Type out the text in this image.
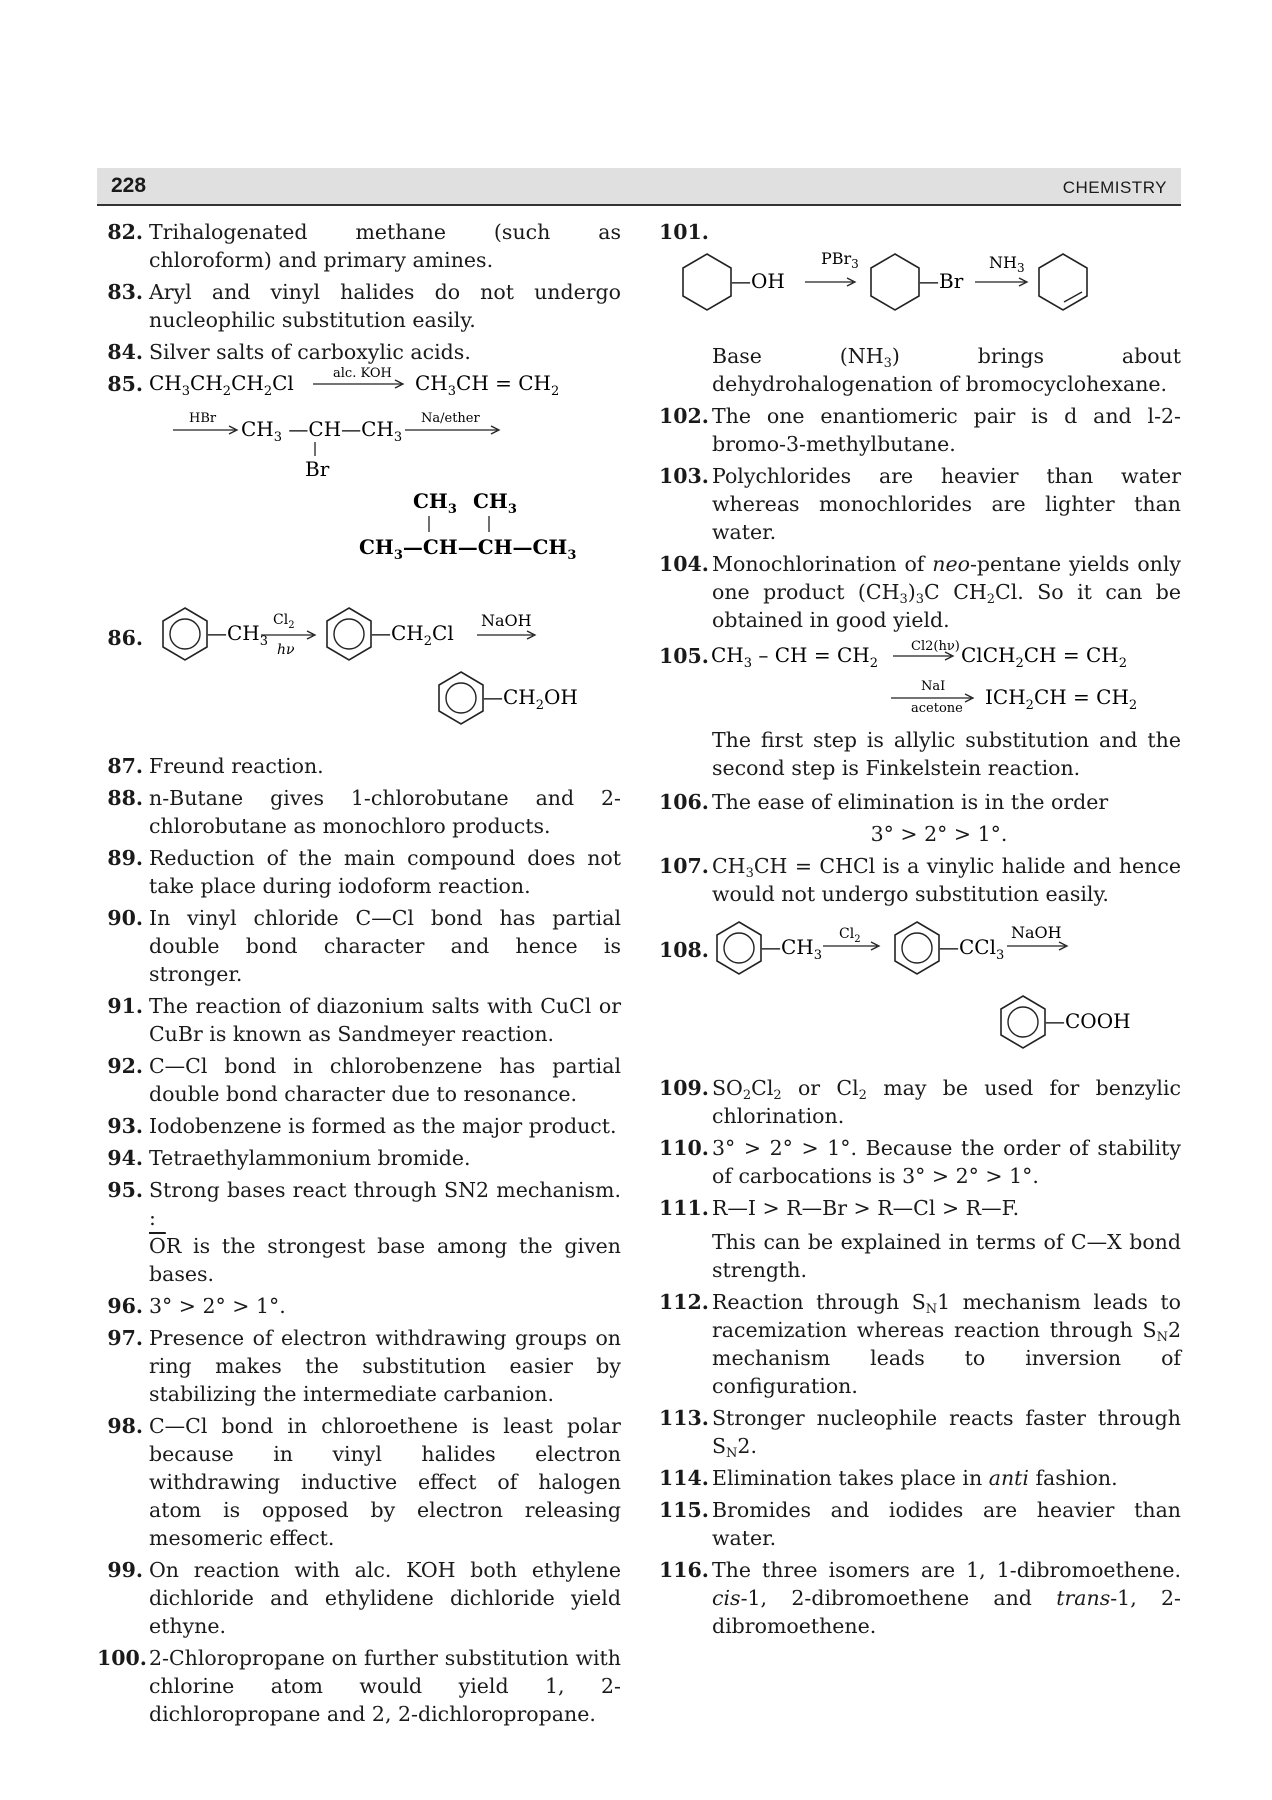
228	CHEMISTRY
82. Trihalogenated methane (such as chloroform) and primary amines.
83. Aryl and vinyl halides do not undergo nucleophilic substitution easily.
84. Silver salts of carboxylic acids.
85. $CH_3CH_2CH_2Cl$	alc. KOH $CH_3CH = CH_2$
HBr $CH_3$ $—CH—CH_3$
Br
Na/ether
$CH_3$ $CH_3$
$CH_3—CH—CH—CH_3$
86.	$—CH_3$
$Cl_2$
hν
$—CH_2Cl$
NaOH
$—CH_2OH$
87. Freund reaction.
88. n-Butane gives 1-chlorobutane and 2-chlorobutane as monochloro products.
89. Reduction of the main compound does not take place during iodoform reaction.
90. In vinyl chloride C—Cl bond has partial double bond character and hence is stronger.
91. The reaction of diazonium salts with CuCl or CuBr is known as Sandmeyer reaction.
92. C—Cl bond in chlorobenzene has partial double bond character due to resonance.
93. Iodobenzene is formed as the major product.
94. Tetraethylammonium bromide.
95. Strong bases react through SN2 mechanism. :
$\overline{O}R$ is the strongest base among the given bases.
96. 3° > 2° > 1°.
97. Presence of electron withdrawing groups on ring makes the substitution easier by stabilizing the intermediate carbanion.
98. C—Cl bond in chloroethene is least polar because in vinyl halides electron withdrawing inductive effect of halogen atom is opposed by electron releasing mesomeric effect.
99. On reaction with alc. KOH both ethylene dichloride and ethylidene dichloride yield ethyne.
100. 2-Chloropropane on further substitution with chlorine atom would yield 1, 2-dichloropropane and 2, 2-dichloropropane.
101.
—OH
PBr$_3$
—Br
$NH_3$
Base $(NH_3)$ brings about dehydrohalogenation of bromocyclohexane.
102. The one enantiomeric pair is d and l-2-bromo-3-methylbutane.
103. Polychlorides are heavier than water whereas monochlorides are lighter than water.
104. Monochlorination of neo-pentane yields only one product $(CH_3)_3C$ $CH_2Cl$. So it can be obtained in good yield.
105. $CH_3$ – CH = $CH_2$
Cl2(hν) ClCH$_2$CH = $CH_2$
NaI
acetone $ICH_2CH = CH_2$
The first step is allylic substitution and the second step is Finkelstein reaction.
106. The ease of elimination is in the order
3° > 2° > 1°.
107. $CH_3CH$ = CHCl is a vinylic halide and hence would not undergo substitution easily.
108.	$—CH_3$
$Cl_2$	—CCl$_3$
NaOH
—COOH
109. $SO_2Cl_2$ or $Cl_2$ may be used for benzylic chlorination.
110. 3° > 2° > 1°. Because the order of stability of carbocations is 3° > 2° > 1°.
111. R—I > R—Br > R—Cl > R—F.
This can be explained in terms of C—X bond strength.
112. Reaction through $S_N1$ mechanism leads to racemization whereas reaction through $S_N2$ mechanism leads to inversion of configuration.
113. Stronger nucleophile reacts faster through $S_N2$.
114. Elimination takes place in anti fashion.
115. Bromides and iodides are heavier than water.
116. The three isomers are 1, 1-dibromoethene. cis-1, 2-dibromoethene and trans-1, 2-dibromoethene.
